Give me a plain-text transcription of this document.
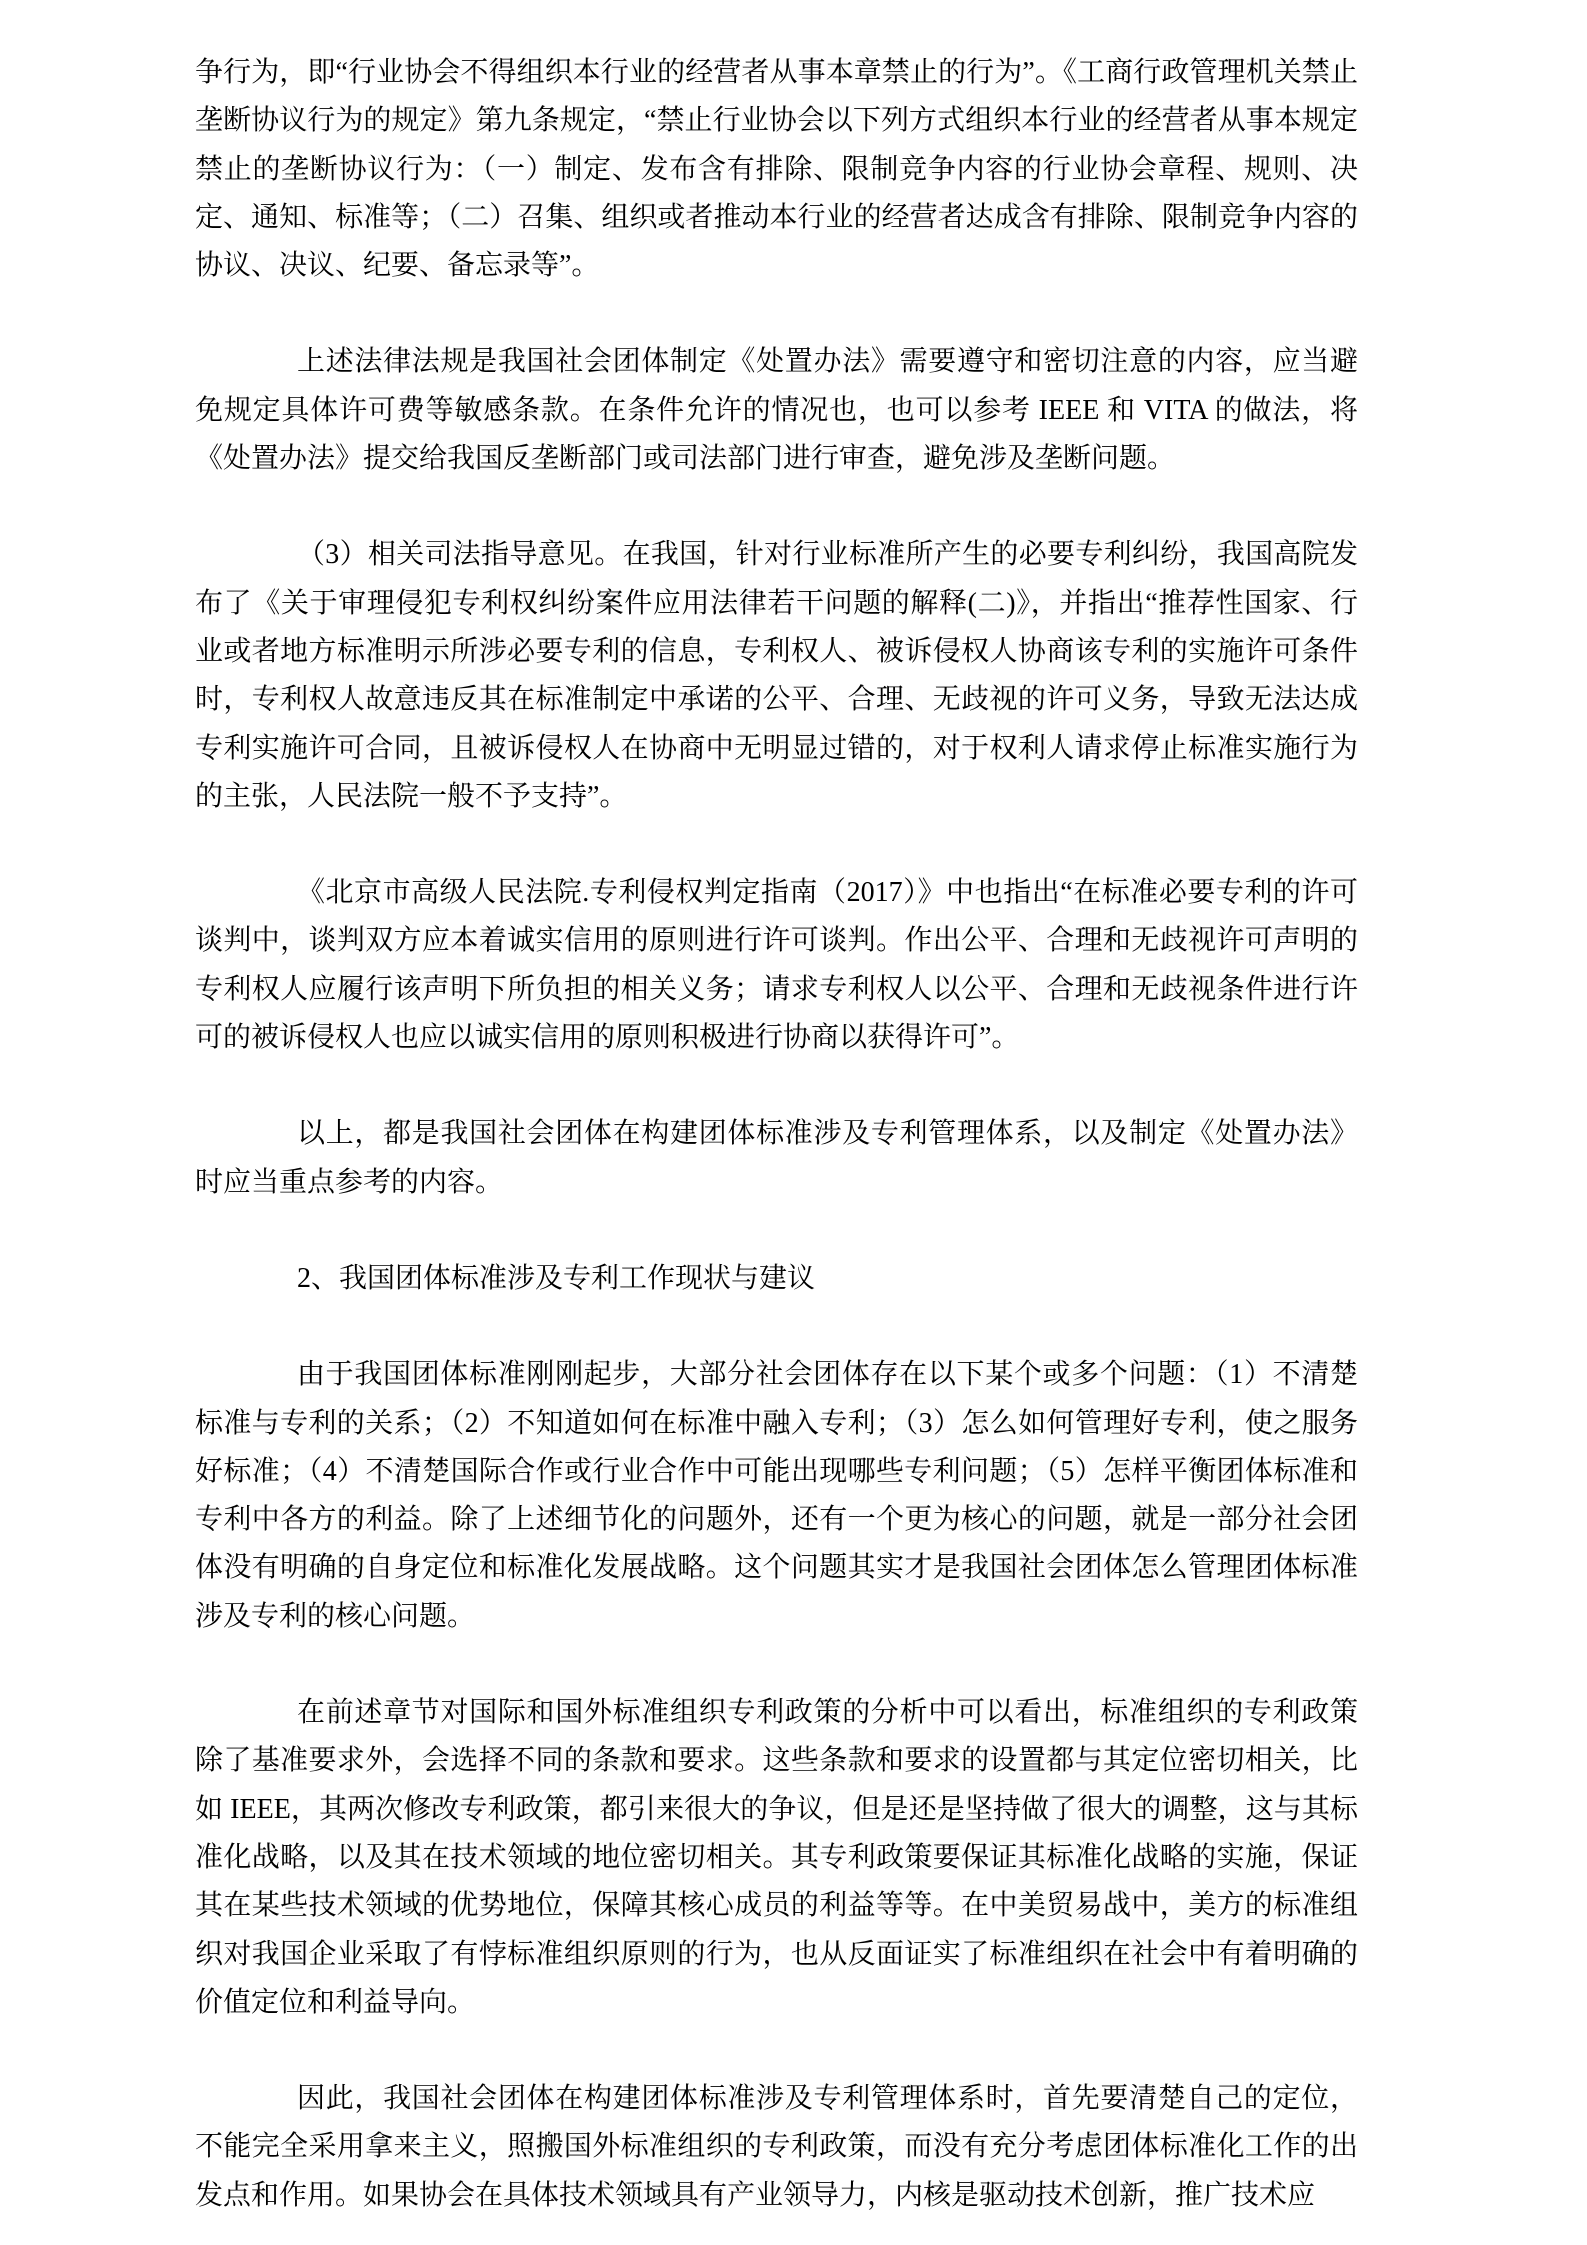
争行为，即“行业协会不得组织本行业的经营者从事本章禁止的行为”。《工商行政管理机关禁止垄断协议行为的规定》第九条规定，“禁止行业协会以下列方式组织本行业的经营者从事本规定禁止的垄断协议行为：（一）制定、发布含有排除、限制竞争内容的行业协会章程、规则、决定、通知、标准等；（二）召集、组织或者推动本行业的经营者达成含有排除、限制竞争内容的协议、决议、纪要、备忘录等”。

上述法律法规是我国社会团体制定《处置办法》需要遵守和密切注意的内容，应当避免规定具体许可费等敏感条款。在条件允许的情况也，也可以参考 IEEE 和 VITA 的做法，将《处置办法》提交给我国反垄断部门或司法部门进行审查，避免涉及垄断问题。

（3）相关司法指导意见。在我国，针对行业标准所产生的必要专利纠纷，我国高院发布了《关于审理侵犯专利权纠纷案件应用法律若干问题的解释(二)》，并指出“推荐性国家、行业或者地方标准明示所涉必要专利的信息，专利权人、被诉侵权人协商该专利的实施许可条件时，专利权人故意违反其在标准制定中承诺的公平、合理、无歧视的许可义务，导致无法达成专利实施许可合同，且被诉侵权人在协商中无明显过错的，对于权利人请求停止标准实施行为的主张，人民法院一般不予支持”。

《北京市高级人民法院.专利侵权判定指南（2017）》中也指出“在标准必要专利的许可谈判中，谈判双方应本着诚实信用的原则进行许可谈判。作出公平、合理和无歧视许可声明的专利权人应履行该声明下所负担的相关义务；请求专利权人以公平、合理和无歧视条件进行许可的被诉侵权人也应以诚实信用的原则积极进行协商以获得许可”。

以上，都是我国社会团体在构建团体标准涉及专利管理体系，以及制定《处置办法》时应当重点参考的内容。

2、我国团体标准涉及专利工作现状与建议

由于我国团体标准刚刚起步，大部分社会团体存在以下某个或多个问题：（1）不清楚标准与专利的关系；（2）不知道如何在标准中融入专利；（3）怎么如何管理好专利，使之服务好标准；（4）不清楚国际合作或行业合作中可能出现哪些专利问题；（5）怎样平衡团体标准和专利中各方的利益。除了上述细节化的问题外，还有一个更为核心的问题，就是一部分社会团体没有明确的自身定位和标准化发展战略。这个问题其实才是我国社会团体怎么管理团体标准涉及专利的核心问题。

在前述章节对国际和国外标准组织专利政策的分析中可以看出，标准组织的专利政策除了基准要求外，会选择不同的条款和要求。这些条款和要求的设置都与其定位密切相关，比如 IEEE，其两次修改专利政策，都引来很大的争议，但是还是坚持做了很大的调整，这与其标准化战略，以及其在技术领域的地位密切相关。其专利政策要保证其标准化战略的实施，保证其在某些技术领域的优势地位，保障其核心成员的利益等等。在中美贸易战中，美方的标准组织对我国企业采取了有悖标准组织原则的行为，也从反面证实了标准组织在社会中有着明确的价值定位和利益导向。

因此，我国社会团体在构建团体标准涉及专利管理体系时，首先要清楚自己的定位，不能完全采用拿来主义，照搬国外标准组织的专利政策，而没有充分考虑团体标准化工作的出发点和作用。如果协会在具体技术领域具有产业领导力，内核是驱动技术创新，推广技术应
